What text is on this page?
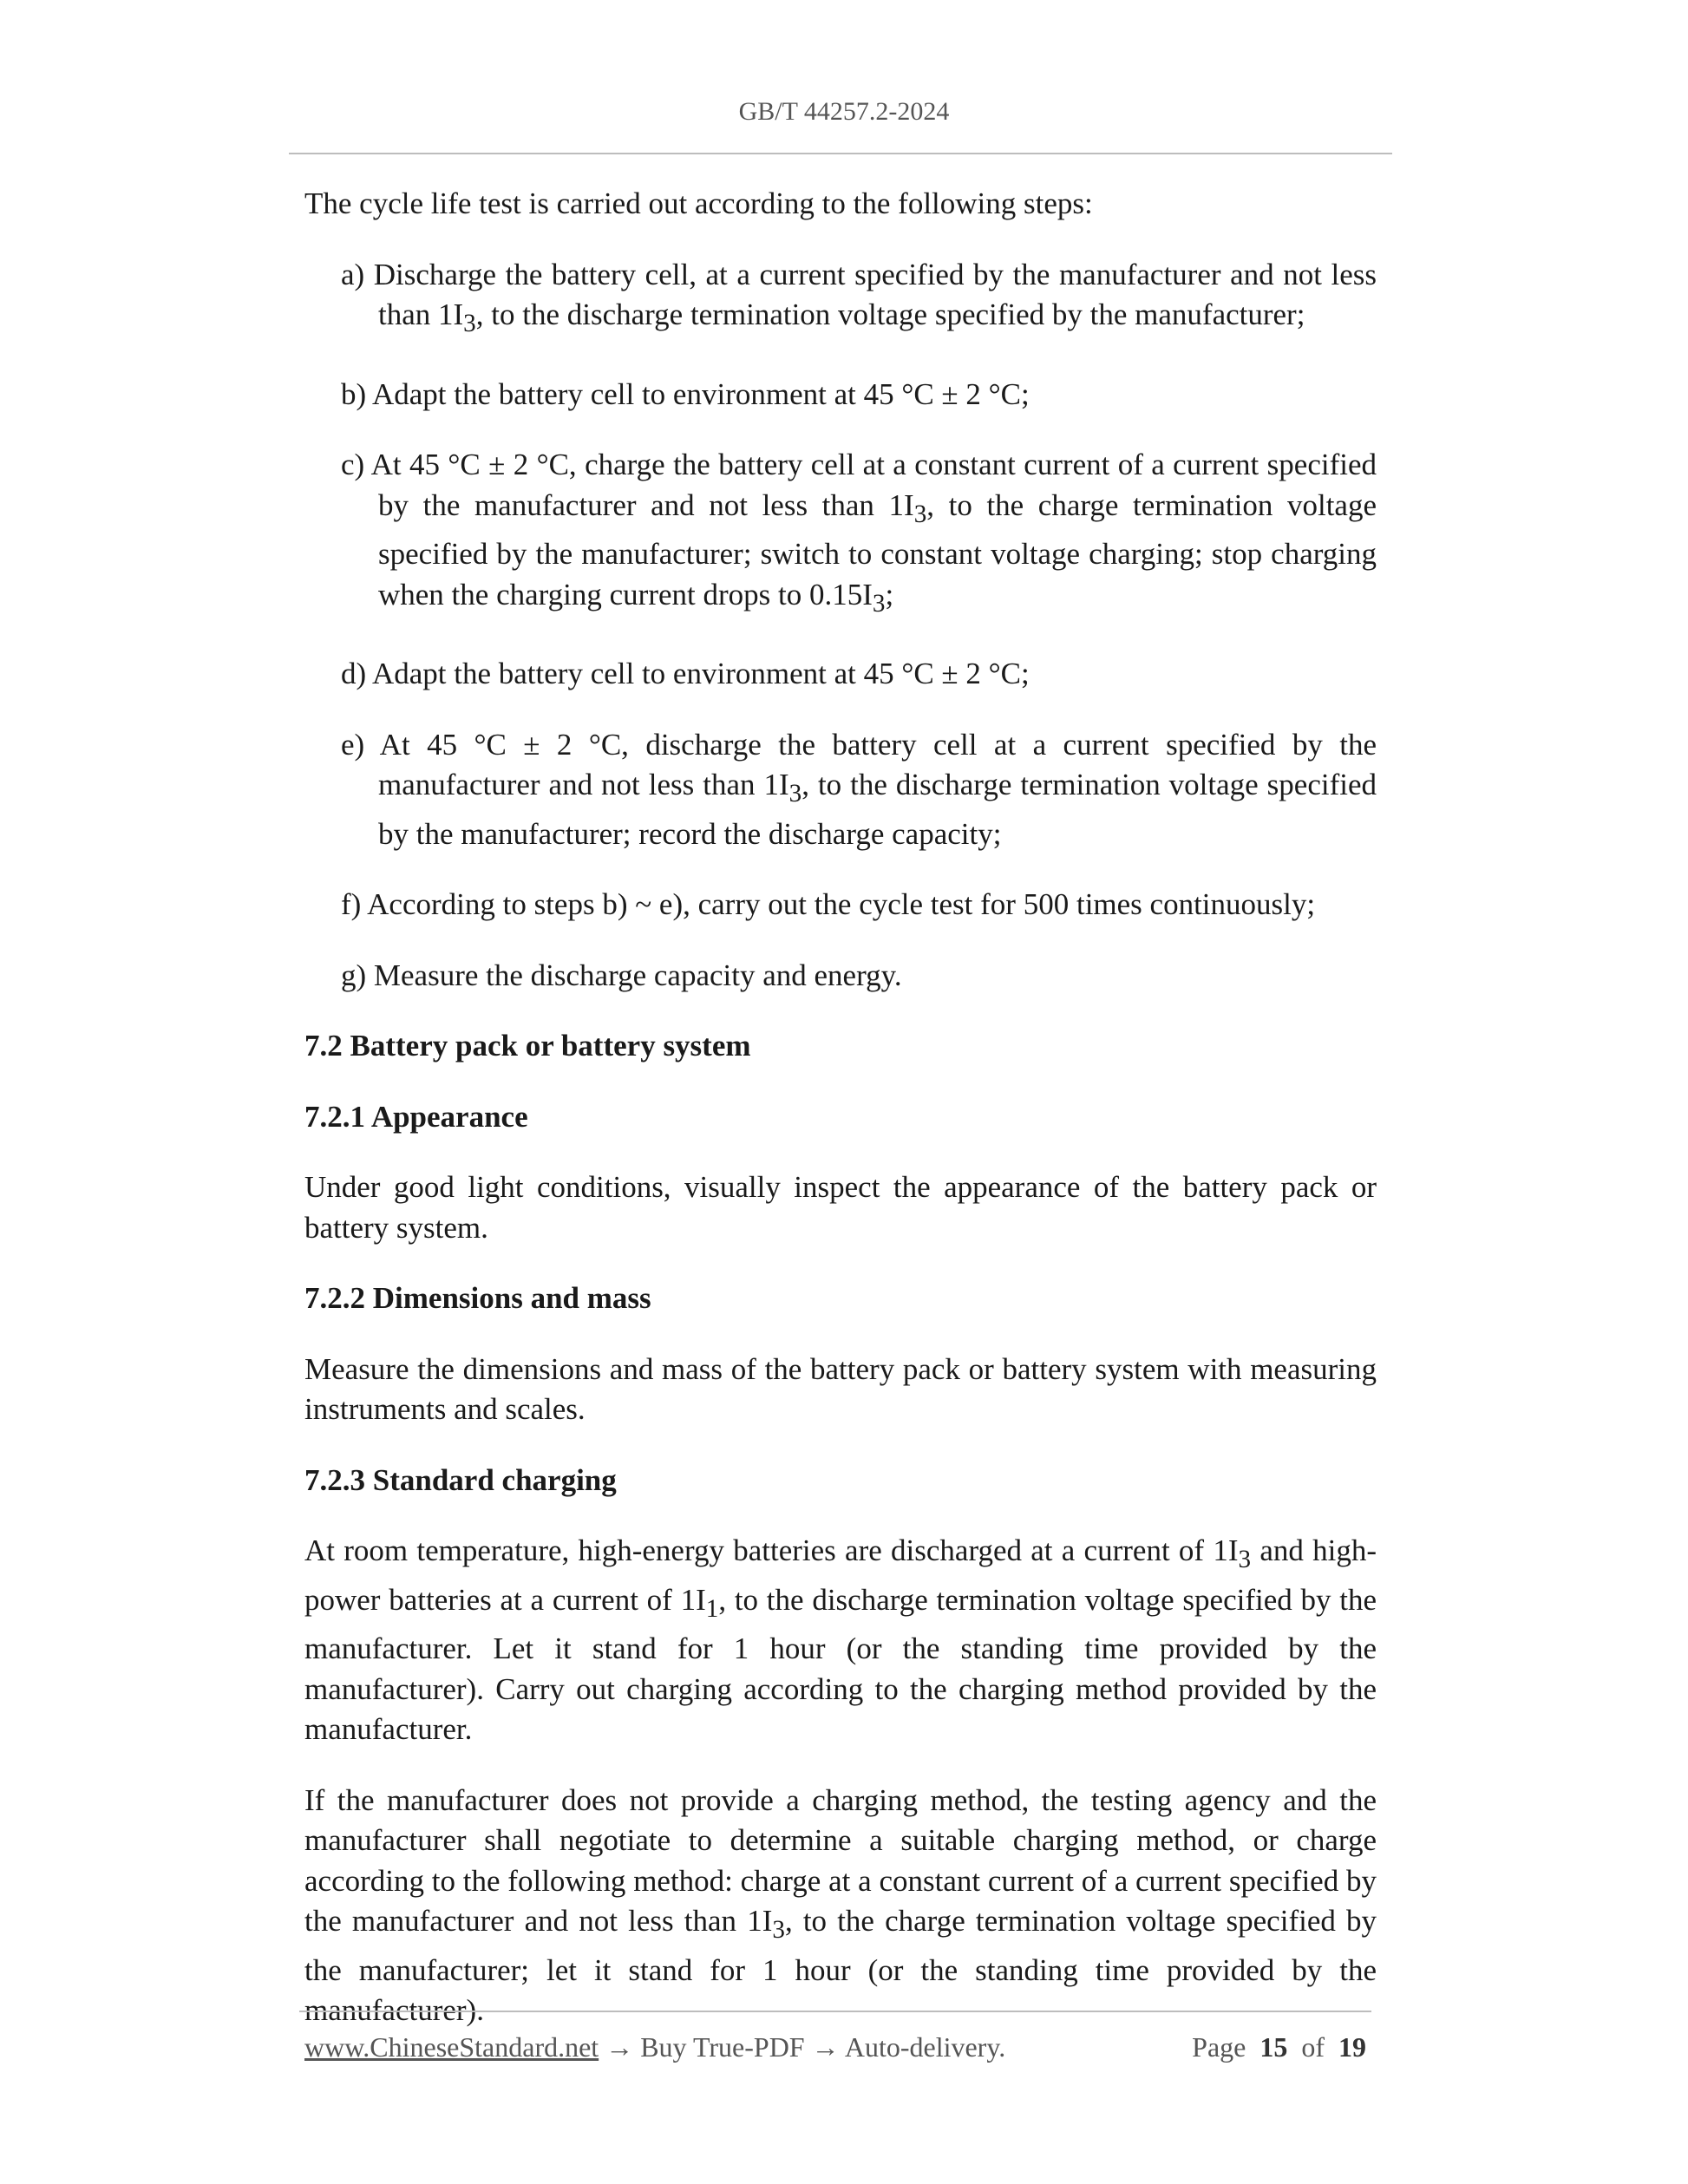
GB/T 44257.2-2024

The cycle life test is carried out according to the following steps:

a) Discharge the battery cell, at a current specified by the manufacturer and not less than $1I_3$, to the discharge termination voltage specified by the manufacturer;
b) Adapt the battery cell to environment at 45 °C ± 2 °C;
c) At 45 °C ± 2 °C, charge the battery cell at a constant current of a current specified by the manufacturer and not less than $1I_3$, to the charge termination voltage specified by the manufacturer; switch to constant voltage charging; stop charging when the charging current drops to $0.15I_3$;
d) Adapt the battery cell to environment at 45 °C ± 2 °C;
e) At 45 °C ± 2 °C, discharge the battery cell at a current specified by the manufacturer and not less than $1I_3$, to the discharge termination voltage specified by the manufacturer; record the discharge capacity;
f) According to steps b) ~ e), carry out the cycle test for 500 times continuously;
g) Measure the discharge capacity and energy.
7.2 Battery pack or battery system
7.2.1 Appearance

Under good light conditions, visually inspect the appearance of the battery pack or battery system.

7.2.2 Dimensions and mass

Measure the dimensions and mass of the battery pack or battery system with measuring instruments and scales.

7.2.3 Standard charging

At room temperature, high-energy batteries are discharged at a current of $1I_3$ and high-power batteries at a current of $1I_1$, to the discharge termination voltage specified by the manufacturer. Let it stand for 1 hour (or the standing time provided by the manufacturer). Carry out charging according to the charging method provided by the manufacturer.

If the manufacturer does not provide a charging method, the testing agency and the manufacturer shall negotiate to determine a suitable charging method, or charge according to the following method: charge at a constant current of a current specified by the manufacturer and not less than $1I_3$, to the charge termination voltage specified by the manufacturer; let it stand for 1 hour (or the standing time provided by the manufacturer).

www.ChineseStandard.net → Buy True-PDF → Auto-delivery.	Page 15 of 19
